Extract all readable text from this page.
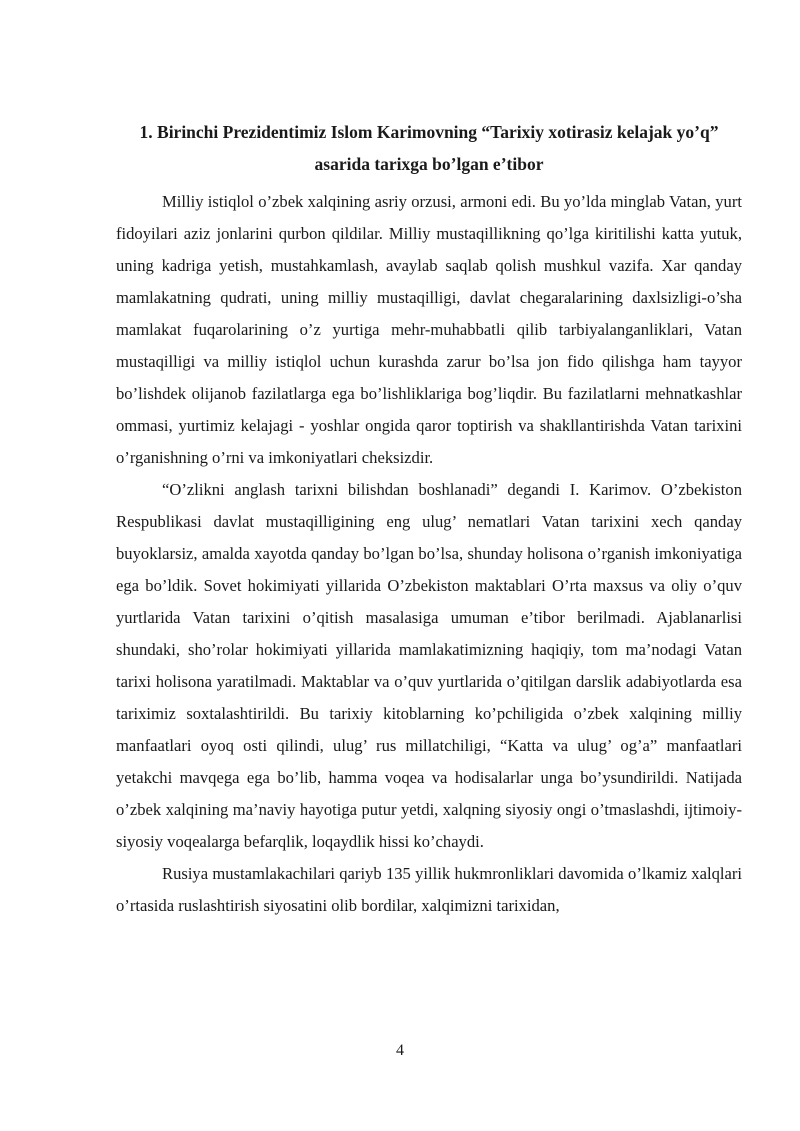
1. Birinchi Prezidentimiz Islom Karimovning “Tarixiy xotirasiz kelajak yo’q”
asarida tarixga bo’lgan e’tibor

Milliy istiqlol o’zbek xalqining asriy orzusi, armoni edi. Bu yo’lda minglab Vatan, yurt fidoyilari aziz jonlarini qurbon qildilar. Milliy mustaqillikning qo’lga kiritilishi katta yutuk, uning kadriga yetish, mustahkamlash, avaylab saqlab qolish mushkul vazifa. Xar qanday mamlakatning qudrati, uning milliy mustaqilligi, davlat chegaralarining daxlsizligi-o’sha mamlakat fuqarolarining o’z yurtiga mehr-muhabbatli qilib tarbiyalanganliklari, Vatan mustaqilligi va milliy istiqlol uchun kurashda zarur bo’lsa jon fido qilishga ham tayyor bo’lishdek olijanob fazilatlarga ega bo’lishliklariga bog’liqdir. Bu fazilatlarni mehnatkashlar ommasi, yurtimiz kelajagi - yoshlar ongida qaror toptirish va shakllantirishda Vatan tarixini o’rganishning o’rni va imkoniyatlari cheksizdir.

“O’zlikni anglash tarixni bilishdan boshlanadi” degandi I. Karimov. O’zbekiston Respublikasi davlat mustaqilligining eng ulug’ nematlari Vatan tarixini xech qanday buyoklarsiz, amalda xayotda qanday bo’lgan bo’lsa, shunday holisona o’rganish imkoniyatiga ega bo’ldik. Sovet hokimiyati yillarida O’zbekiston maktablari O’rta maxsus va oliy o’quv yurtlarida Vatan tarixini o’qitish masalasiga umuman e’tibor berilmadi. Ajablanarlisi shundaki, sho’rolar hokimiyati yillarida mamlakatimizning haqiqiy, tom ma’nodagi Vatan tarixi holisona yaratilmadi. Maktablar va o’quv yurtlarida o’qitilgan darslik adabiyotlarda esa tariximiz soxtalashtirildi. Bu tarixiy kitoblarning ko’pchiligida o’zbek xalqining milliy manfaatlari oyoq osti qilindi, ulug’ rus millatchiligi, “Katta va ulug’ og’a” manfaatlari yetakchi mavqega ega bo’lib, hamma voqea va hodisalarlar unga bo’ysundirildi. Natijada o’zbek xalqining ma’naviy hayotiga putur yetdi, xalqning siyosiy ongi o’tmaslashdi, ijtimoiy-siyosiy voqealarga befarqlik, loqaydlik hissi ko’chaydi.

Rusiya mustamlakachilari qariyb 135 yillik hukmronliklari davomida o’lkamiz xalqlari o’rtasida ruslashtirish siyosatini olib bordilar, xalqimizni tarixidan,

4
